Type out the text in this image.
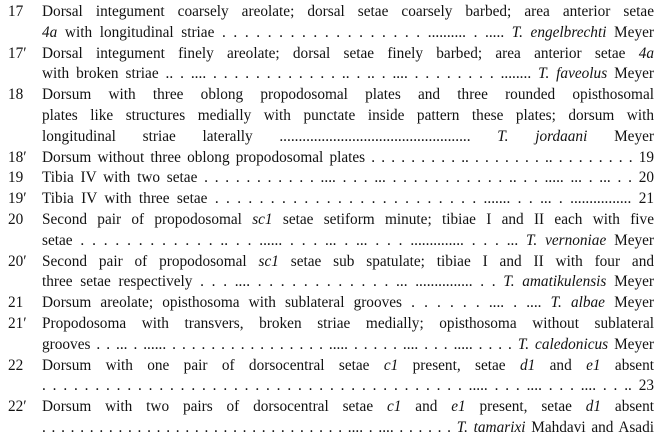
17	Dorsal integument coarsely areolate; dorsal setae coarsely barbed; area anterior setae
4a with longitudinal striae . . . . . . . . . . . . . . . . . . .......... . ..... T. engelbrechti Meyer
17′	Dorsal integument finely areolate; dorsal setae finely barbed; area anterior setae 4a
with broken striae .. . .... . . . . . . . . . . . . .. . .. . .... . . . . . . . . ........ T. faveolus Meyer
18	Dorsum with three oblong propodosomal plates and three rounded opisthosomal
plates like structures medially with punctate inside pattern these plates; dorsum with
longitudinal striae laterally .................................................. T. jordaani Meyer
18′	Dorsum without three oblong propodosomal plates . . . . . . . . . .. . . . . . . . .. . . . . . . . . 19
19	Tibia IV with two setae . . . . . . . . . . . .... . . . ... . . . . . . . . . . . .. . . ..... ... . ... . . 20
19′	Tibia IV with three setae . . . . . . . . . . . . . . . . . . . . . . . . ....... . . ... . ................ 21
20	Second pair of propodosomal sc1 setae setiform minute; tibiae I and II each with five
setae . . . . . . . . . . . . .. . . ...... . . . ... . ... . . . .............. . . . ... T. vernoniae Meyer
20′	Second pair of propodosomal sc1 setae sub spatulate; tibiae I and II with four and
three setae respectively . . . .... . . . . . . . . . . . . ... ............... . . T. amatikulensis Meyer
21	Dorsum areolate; opisthosoma with sublateral grooves . . . . . . .... . .... T. albae Meyer
21′	Propodosoma with transvers, broken striae medially; opisthosoma without sublateral
grooves . . ... . ...... . . . . . . . . . . . . . . . . ..... . . . . . .... . . . ..... . . . . T. caledonicus Meyer
22	Dorsum with one pair of dorsocentral setae c1 present, setae d1 and e1 absent
. . . . . . . . . . . . . . . . . . . . . . . . . . . . . . . . . . . . . . . . ..... . . . .... . . . .... . . .. 23
22′	Dorsum with two pairs of dorsocentral setae c1 and e1 present, setae d1 absent
. . . . . . . . . . . . . . . . . . . . . . . . . . . . . . . . .... . .... . . . . . . T. tamarixi Mahdavi and Asadi
